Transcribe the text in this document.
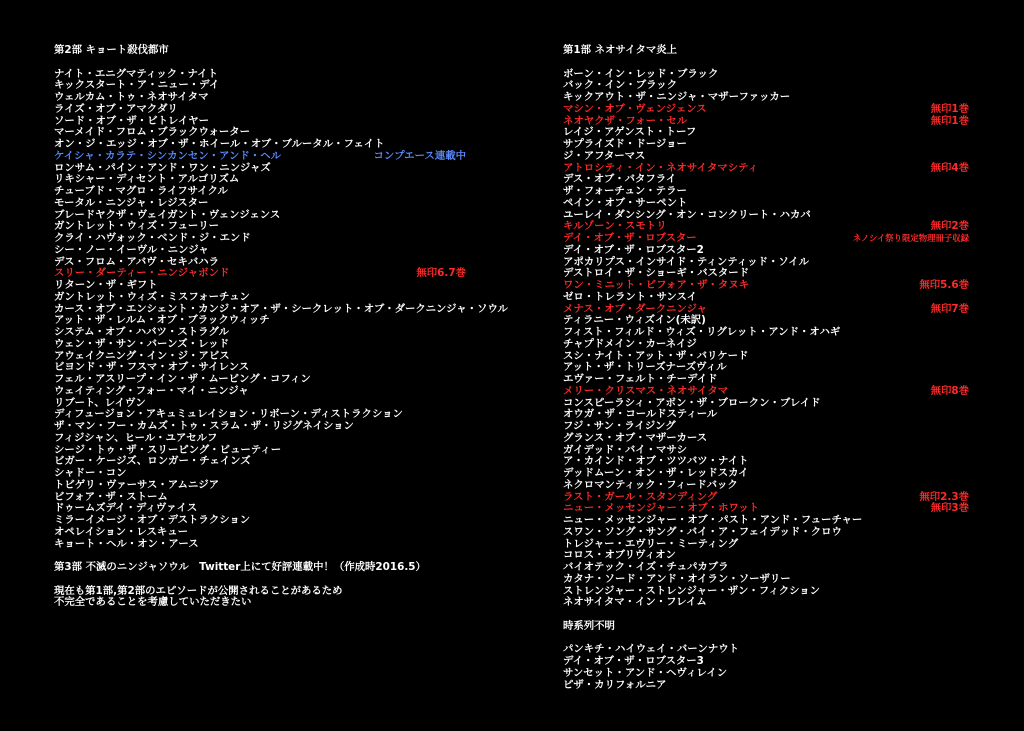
第2部 キョート殺伐都市
ナイト・エニグマティック・ナイト
キックスタート・ア・ニュー・デイ
ウェルカム・トゥ・ネオサイタマ
ライズ・オブ・アマクダリ
ソード・オブ・ザ・ビトレイヤー
マーメイド・フロム・ブラックウォーター
オン・ジ・エッジ・オブ・ザ・ホイール・オブ・ブルータル・フェイト
ケイシャ・カラテ・シンカンセン・アンド・ヘル	コンプエース連載中
ロンサム・パイン・アンド・ワン・ニンジャズ
リキシャー・ディセント・アルゴリズム
チューブド・マグロ・ライフサイクル
モータル・ニンジャ・レジスター
ブレードヤクザ・ヴェイガント・ヴェンジェンス
ガントレット・ウィズ・フューリー
クライ・ハヴォック・ベンド・ジ・エンド
シー・ノー・イーヴル・ニンジャ
デス・フロム・アバヴ・セキバハラ
スリー・ダーティー・ニンジャボンド	無印6.7巻
リターン・ザ・ギフト
ガントレット・ウィズ・ミスフォーチュン
カース・オブ・エンシェント・カンジ・オア・ザ・シークレット・オブ・ダークニンジャ・ソウル
アット・ザ・レルム・オブ・ブラックウィッチ
システム・オブ・ハバツ・ストラグル
ウェン・ザ・サン・バーンズ・レッド
アウェイクニング・イン・ジ・アビス
ビヨンド・ザ・フスマ・オブ・サイレンス
フェル・アスリープ・イン・ザ・ムービング・コフィン
ウェイティング・フォー・マイ・ニンジャ
リブート、レイヴン
ディフュージョン・アキュミュレイション・リボーン・ディストラクション
ザ・マン・フー・カムズ・トゥ・スラム・ザ・リジグネイション
フィジシャン、ヒール・ユアセルフ
シージ・トゥ・ザ・スリーピング・ビューティー
ビガー・ケージズ、ロンガー・チェインズ
シャドー・コン
トビゲリ・ヴァーサス・アムニジア
ビフォア・ザ・ストーム
ドゥームズデイ・ディヴァイス
ミラーイメージ・オブ・デストラクション
オペレイション・レスキュー
キョート・ヘル・オン・アース
第3部 不滅のニンジャソウル　Twitter上にて好評連載中！（作成時2016.5）
現在も第1部,第2部のエピソードが公開されることがあるため
不完全であることを考慮していただきたい
第1部 ネオサイタマ炎上
ボーン・イン・レッド・ブラック
バック・イン・ブラック
キックアウト・ザ・ニンジャ・マザーファッカー
マシン・オブ・ヴェンジェンス	無印1巻
ネオヤクザ・フォー・セル	無印1巻
レイジ・アゲンスト・トーフ
サプライズド・ドージョー
ジ・アフターマス
アトロシティ・イン・ネオサイタマシティ	無印4巻
デス・オブ・バタフライ
ザ・フォーチュン・テラー
ペイン・オブ・サーペント
ユーレイ・ダンシング・オン・コンクリート・ハカバ
キルゾーン・スモトリ	無印2巻
デイ・オブ・ザ・ロブスター	ネノシイ祭り限定物理冊子収録
デイ・オブ・ザ・ロブスター2
アポカリプス・インサイド・ティンティッド・ソイル
デストロイ・ザ・ショーギ・バスタード
ワン・ミニット・ビフォア・ザ・タヌキ	無印5.6巻
ゼロ・トレラント・サンスイ
メナス・オブ・ダークニンジャ	無印7巻
ティラニー・ウィズイン(未訳)
フィスト・フィルド・ウィズ・リグレット・アンド・オハギ
チャプドメイン・カーネイジ
スシ・ナイト・アット・ザ・バリケード
アット・ザ・トリーズナーズヴィル
エヴァー・フェルト・チーデイド
メリー・クリスマス・ネオサイタマ	無印8巻
コンスピーラシィ・アボン・ザ・ブロークン・ブレイド
オウガ・ザ・コールドスティール
フジ・サン・ライジング
グランス・オブ・マザーカース
ガイデッド・バイ・マサシ
ア・カインド・オブ・ツツバツ・ナイト
デッドムーン・オン・ザ・レッドスカイ
ネクロマンティック・フィードバック
ラスト・ガール・スタンディング	無印2.3巻
ニュー・メッセンジャー・オブ・ホワット	無印3巻
ニュー・メッセンジャー・オブ・パスト・アンド・フューチャー
スワン・ソング・サング・バイ・ア・フェイデッド・クロウ
トレジャー・エヴリー・ミーティング
コロス・オブリヴィオン
バイオテック・イズ・チュパカブラ
カタナ・ソード・アンド・オイラン・ソーザリー
ストレンジャー・ストレンジャー・ザン・フィクション
ネオサイタマ・イン・フレイム
時系列不明
パンキチ・ハイウェイ・バーンナウト
デイ・オブ・ザ・ロブスター3
サンセット・アンド・ヘヴィレイン
ピザ・カリフォルニア
